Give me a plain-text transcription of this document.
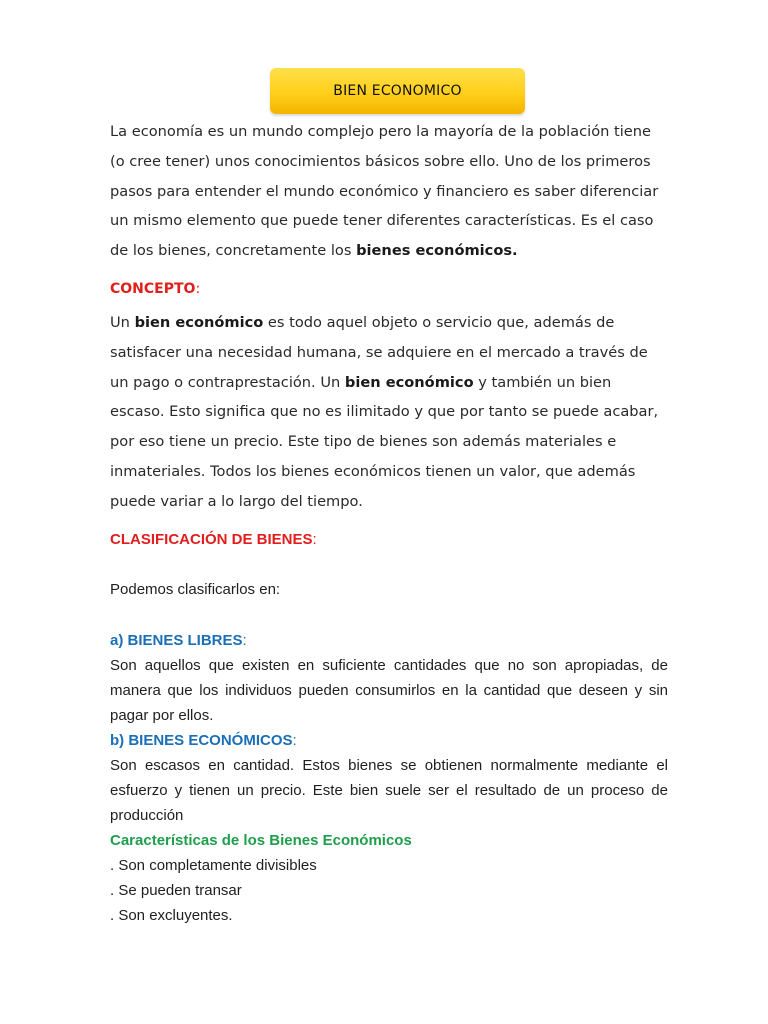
BIEN ECONOMICO

La economía es un mundo complejo pero la mayoría de la población tiene (o cree tener) unos conocimientos básicos sobre ello. Uno de los primeros pasos para entender el mundo económico y financiero es saber diferenciar un mismo elemento que puede tener diferentes características. Es el caso de los bienes, concretamente los bienes económicos.

CONCEPTO:

Un bien económico es todo aquel objeto o servicio que, además de satisfacer una necesidad humana, se adquiere en el mercado a través de un pago o contraprestación. Un bien económico y también un bien escaso. Esto significa que no es ilimitado y que por tanto se puede acabar, por eso tiene un precio. Este tipo de bienes son además materiales e inmateriales. Todos los bienes económicos tienen un valor, que además puede variar a lo largo del tiempo.

CLASIFICACIÓN DE BIENES:

Podemos clasificarlos en:

a) BIENES LIBRES:

Son aquellos que existen en suficiente cantidades que no son apropiadas, de manera que los individuos pueden consumirlos en la cantidad que deseen y sin pagar por ellos.

b) BIENES ECONÓMICOS:

Son escasos en cantidad. Estos bienes se obtienen normalmente mediante el esfuerzo y tienen un precio. Este bien suele ser el resultado de un proceso de producción

Características de los Bienes Económicos

. Son completamente divisibles

. Se pueden transar

. Son excluyentes.
